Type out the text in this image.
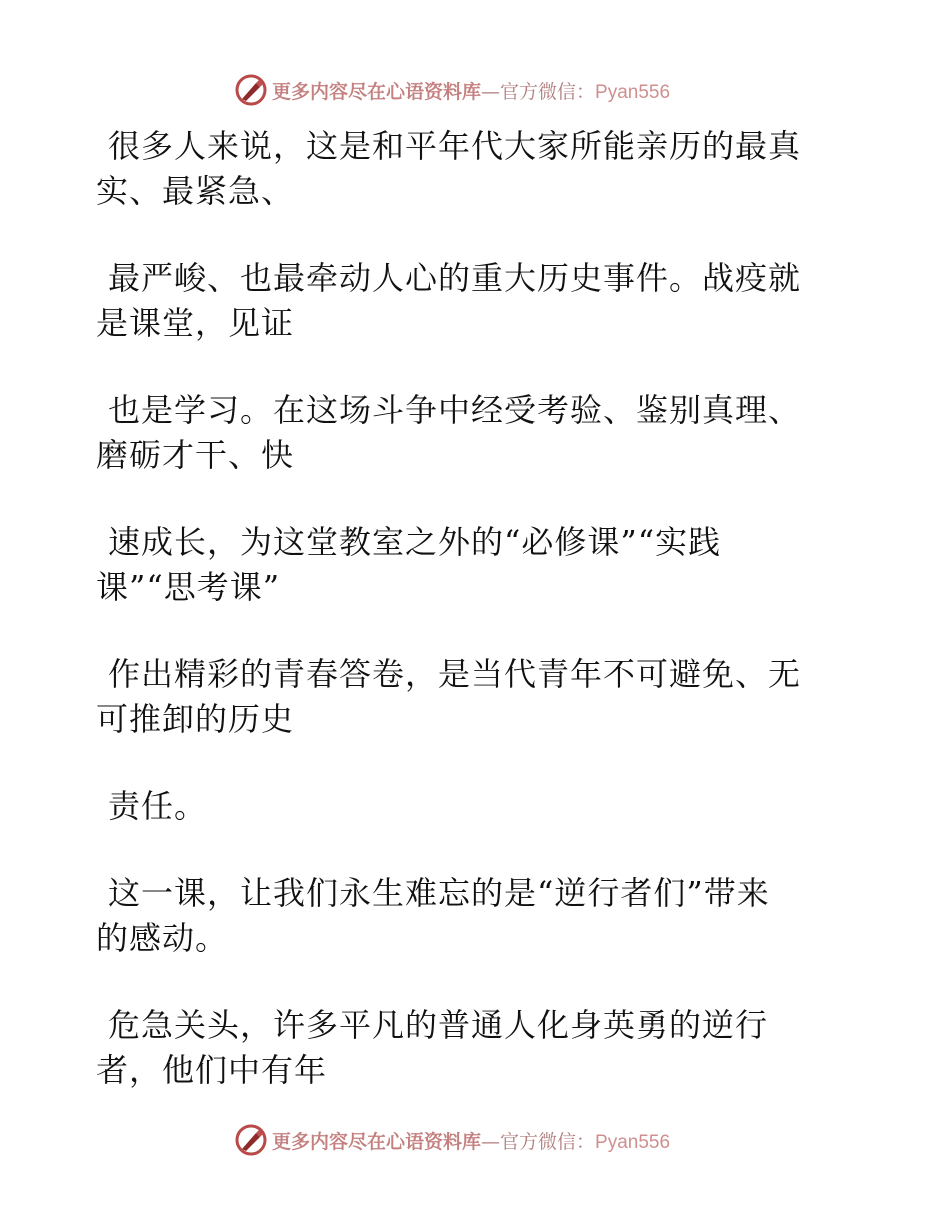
更多内容尽在心语资料库—官方微信：Pyan556

很多人来说，这是和平年代大家所能亲历的最真
实、最紧急、

最严峻、也最牵动人心的重大历史事件。战疫就
是课堂，见证

也是学习。在这场斗争中经受考验、鉴别真理、
磨砺才干、快

速成长，为这堂教室之外的“必修课”“实践
课”“思考课”

作出精彩的青春答卷，是当代青年不可避免、无
可推卸的历史

责任。

这一课，让我们永生难忘的是“逆行者们”带来
的感动。

危急关头，许多平凡的普通人化身英勇的逆行
者，他们中有年

更多内容尽在心语资料库—官方微信：Pyan556
